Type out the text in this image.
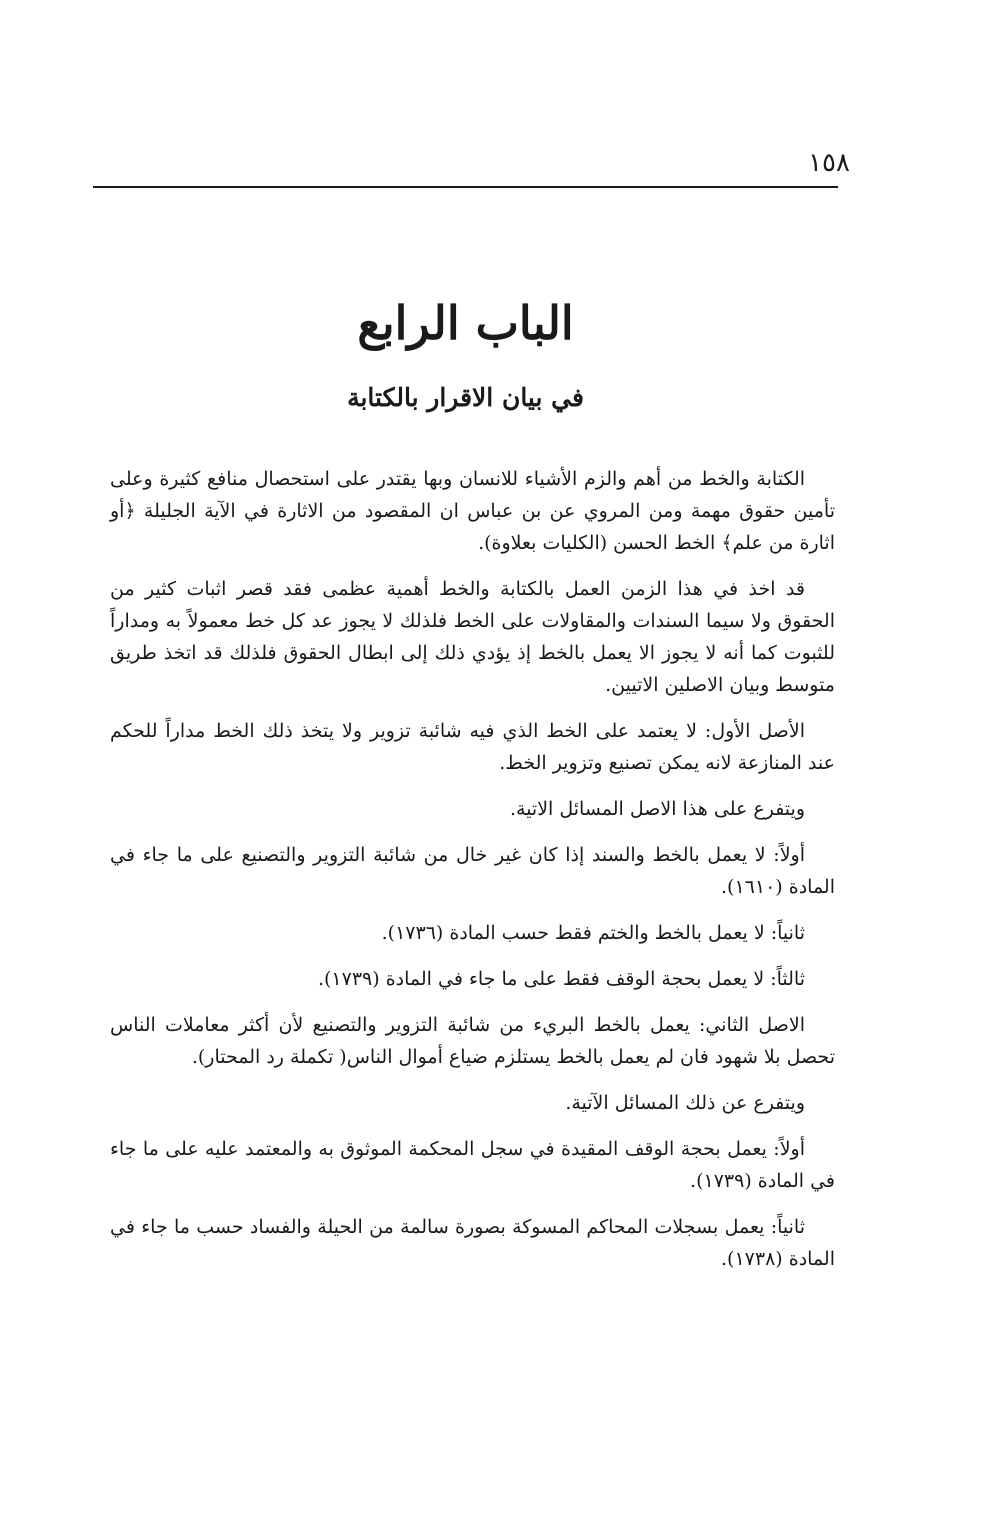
١٥٨
الباب الرابع
في بيان الاقرار بالكتابة

الكتابة والخط من أهم والزم الأشياء للانسان وبها يقتدر على استحصال منافع كثيرة وعلى تأمين حقوق مهمة ومن المروي عن بن عباس ان المقصود من الاثارة في الآية الجليلة ﴿أو اثارة من علم﴾ الخط الحسن (الكليات بعلاوة).

قد اخذ في هذا الزمن العمل بالكتابة والخط أهمية عظمى فقد قصر اثبات كثير من الحقوق ولا سيما السندات والمقاولات على الخط فلذلك لا يجوز عد كل خط معمولاً به ومداراً للثبوت كما أنه لا يجوز الا يعمل بالخط إذ يؤدي ذلك إلى ابطال الحقوق فلذلك قد اتخذ طريق متوسط وبيان الاصلين الاتيين.

الأصل الأول: لا يعتمد على الخط الذي فيه شائبة تزوير ولا يتخذ ذلك الخط مداراً للحكم عند المنازعة لانه يمكن تصنيع وتزوير الخط.

ويتفرع على هذا الاصل المسائل الاتية.

أولاً: لا يعمل بالخط والسند إذا كان غير خال من شائبة التزوير والتصنيع على ما جاء في المادة (١٦١٠).

ثانياً: لا يعمل بالخط والختم فقط حسب المادة (١٧٣٦).

ثالثاً: لا يعمل بحجة الوقف فقط على ما جاء في المادة (١٧٣٩).

الاصل الثاني: يعمل بالخط البريء من شائبة التزوير والتصنيع لأن أكثر معاملات الناس تحصل بلا شهود فان لم يعمل بالخط يستلزم ضياع أموال الناس( تكملة رد المحتار).

ويتفرع عن ذلك المسائل الآتية.

أولاً: يعمل بحجة الوقف المقيدة في سجل المحكمة الموثوق به والمعتمد عليه على ما جاء في المادة (١٧٣٩).

ثانياً: يعمل بسجلات المحاكم المسوكة بصورة سالمة من الحيلة والفساد حسب ما جاء في المادة (١٧٣٨).
